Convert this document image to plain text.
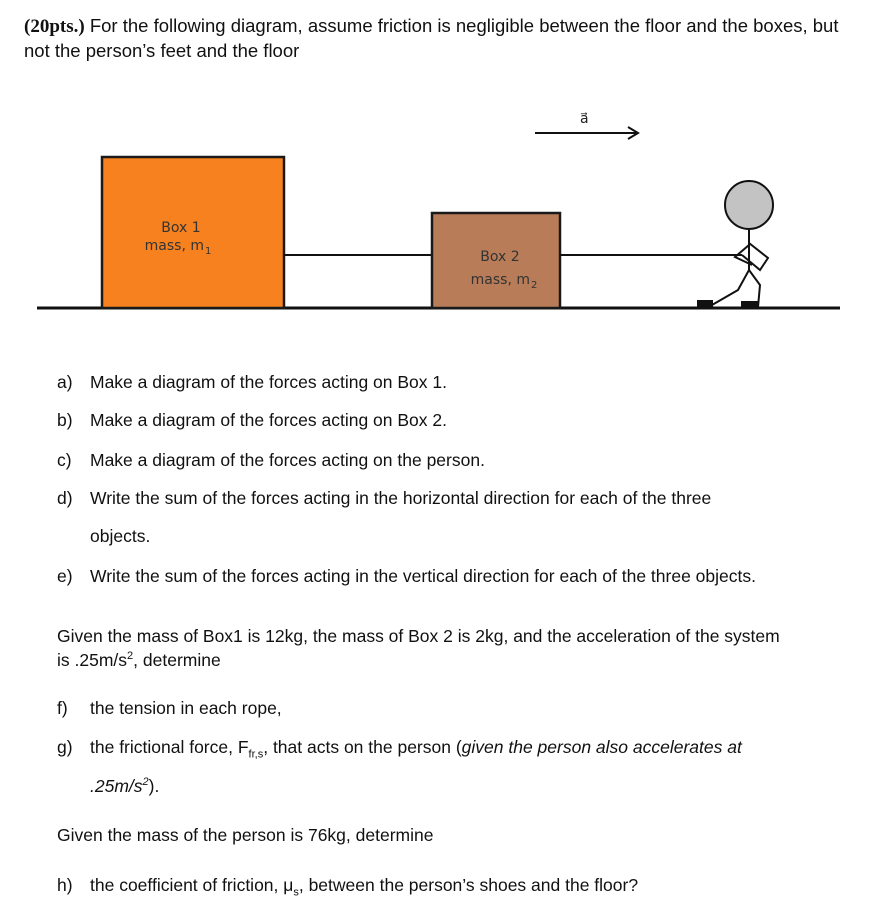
(20pts.) For the following diagram, assume friction is negligible between the floor and the boxes, but not the person’s feet and the floor
a⃗
Box 1
mass, m 1	Box 2
mass, m 2
a) Make a diagram of the forces acting on Box 1.
b) Make a diagram of the forces acting on Box 2.
c) Make a diagram of the forces acting on the person.
d) Write the sum of the forces acting in the horizontal direction for each of the three
objects.
e) Write the sum of the forces acting in the vertical direction for each of the three objects.
Given the mass of Box1 is 12kg, the mass of Box 2 is 2kg, and the acceleration of the system
is $.25m/s^2$, determine
f) the tension in each rope,
g) the frictional force, $F_{fr,s}$, that acts on the person (given the person also accelerates at
$.25m/s^2$).
Given the mass of the person is 76kg, determine
h) the coefficient of friction, $\mu_s$, between the person’s shoes and the floor?
